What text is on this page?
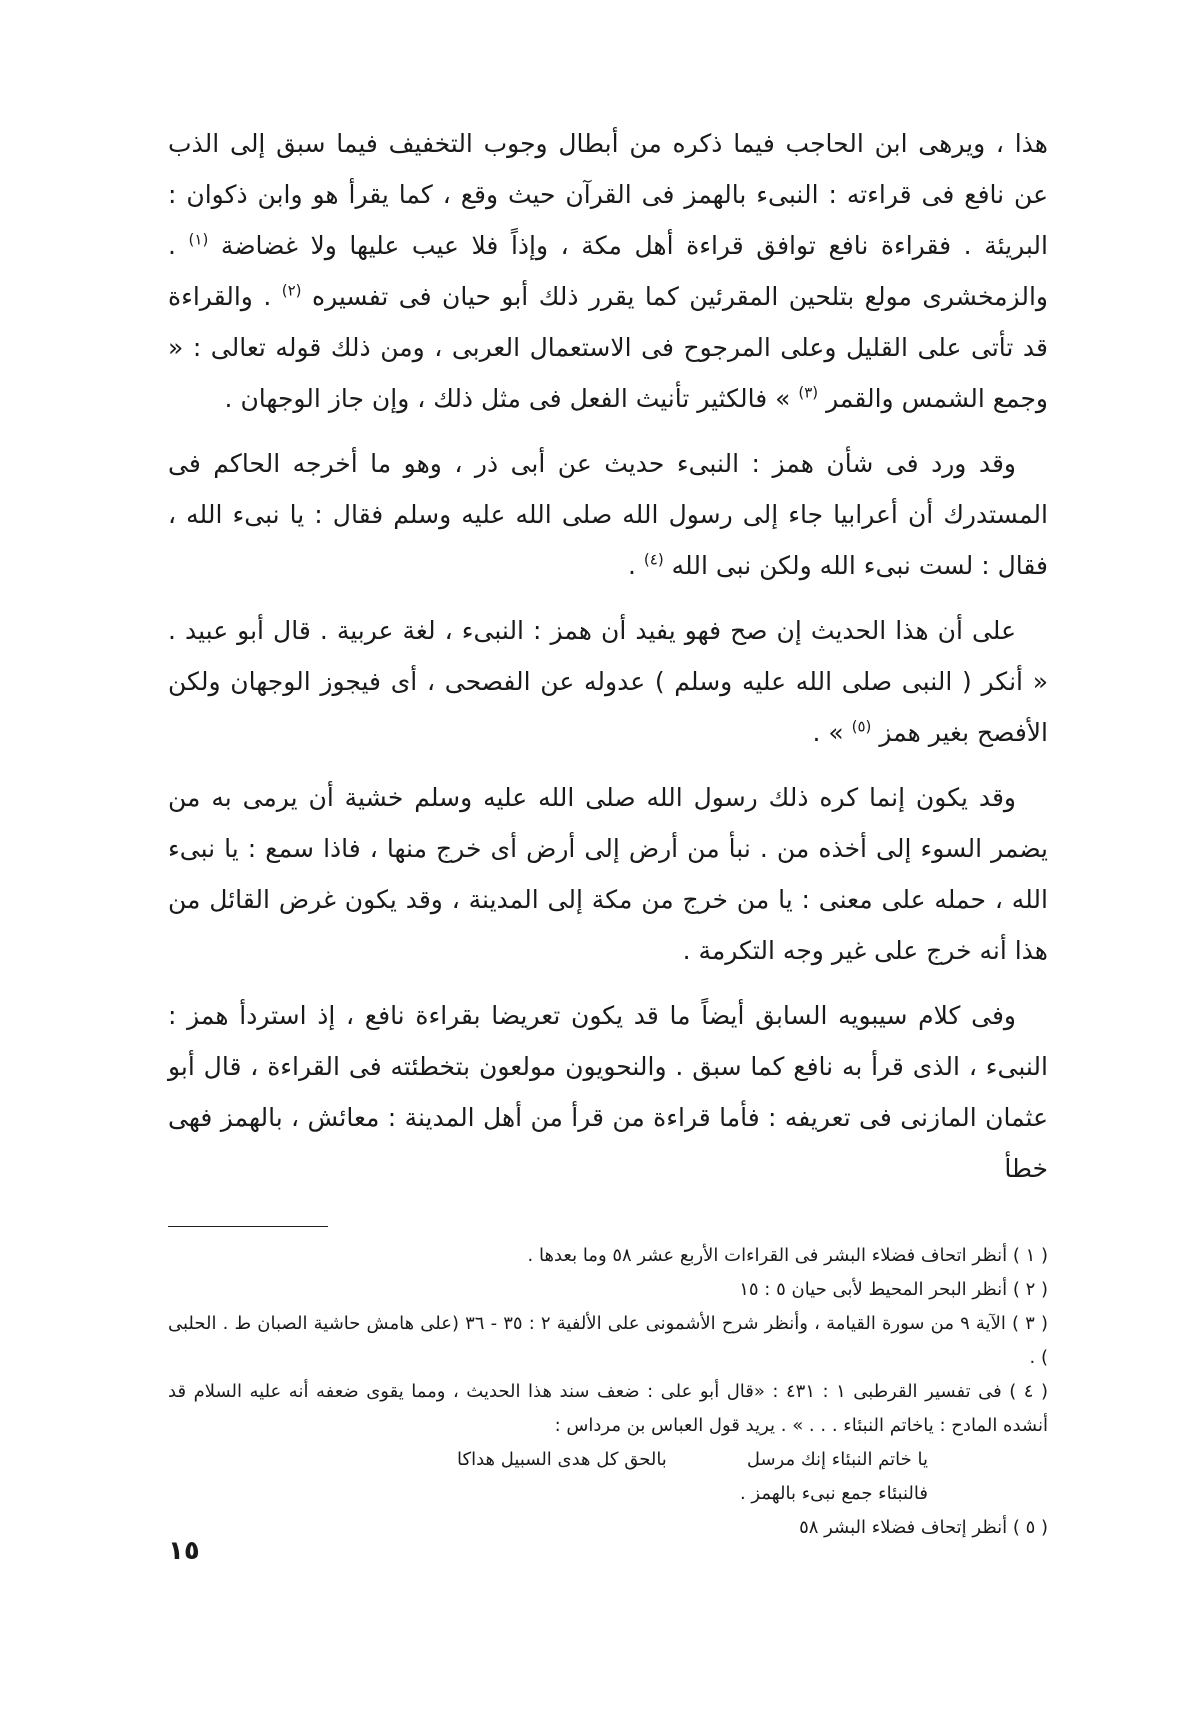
هذا ، ويرهى ابن الحاجب فيما ذكره من أبطال وجوب التخفيف فيما سبق إلى الذب عن نافع فى قراءته : النبىء بالهمز فى القرآن حيث وقع ، كما يقرأ هو وابن ذكوان : البريئة . فقراءة نافع توافق قراءة أهل مكة ، وإذاً فلا عيب عليها ولا غضاضة $^{(١)}$ . والزمخشرى مولع بتلحين المقرئين كما يقرر ذلك أبو حيان فى تفسيره $^{(٢)}$ . والقراءة قد تأتى على القليل وعلى المرجوح فى الاستعمال العربى ، ومن ذلك قوله تعالى : « وجمع الشمس والقمر $^{(٣)}$ » فالكثير تأنيث الفعل فى مثل ذلك ، وإن جاز الوجهان .

وقد ورد فى شأن همز : النبىء حديث عن أبى ذر ، وهو ما أخرجه الحاكم فى المستدرك أن أعرابيا جاء إلى رسول الله صلى الله عليه وسلم فقال : يا نبىء الله ، فقال : لست نبىء الله ولكن نبى الله $^{(٤)}$ .

على أن هذا الحديث إن صح فهو يفيد أن همز : النبىء ، لغة عربية . قال أبو عبيد . « أنكر ( النبى صلى الله عليه وسلم ) عدوله عن الفصحى ، أى فيجوز الوجهان ولكن الأفصح بغير همز $^{(٥)}$ » .

وقد يكون إنما كره ذلك رسول الله صلى الله عليه وسلم خشية أن يرمى به من يضمر السوء إلى أخذه من . نبأ من أرض إلى أرض أى خرج منها ، فاذا سمع : يا نبىء الله ، حمله على معنى : يا من خرج من مكة إلى المدينة ، وقد يكون غرض القائل من هذا أنه خرج على غير وجه التكرمة .

وفى كلام سيبويه السابق أيضاً ما قد يكون تعريضا بقراءة نافع ، إذ استردأ همز : النبىء ، الذى قرأ به نافع كما سبق . والنحويون مولعون بتخطئته فى القراءة ، قال أبو عثمان المازنى فى تعريفه : فأما قراءة من قرأ من أهل المدينة : معائش ، بالهمز فهى خطأ

( ١ ) أنظر اتحاف فضلاء البشر فى القراءات الأربع عشر ٥٨ وما بعدها .

( ٢ ) أنظر البحر المحيط لأبى حيان ٥ : ١٥

( ٣ ) الآية ٩ من سورة القيامة ، وأنظر شرح الأشمونى على الألفية ٢ : ٣٥ - ٣٦ (على هامش حاشية الصبان ط . الحلبى ) .

( ٤ ) فى تفسير القرطبى ١ : ٤٣١ : «قال أبو على : ضعف سند هذا الحديث ، ومما يقوى ضعفه أنه عليه السلام قد أنشده المادح : ياخاتم النبئاء . . . » . يريد قول العباس بن مرداس :

يا خاتم النبئاء إنك مرسل
بالحق كل هدى السبيل هداكا

فالنبئاء جمع نبىء بالهمز .

( ٥ ) أنظر إتحاف فضلاء البشر ٥٨

١٥
